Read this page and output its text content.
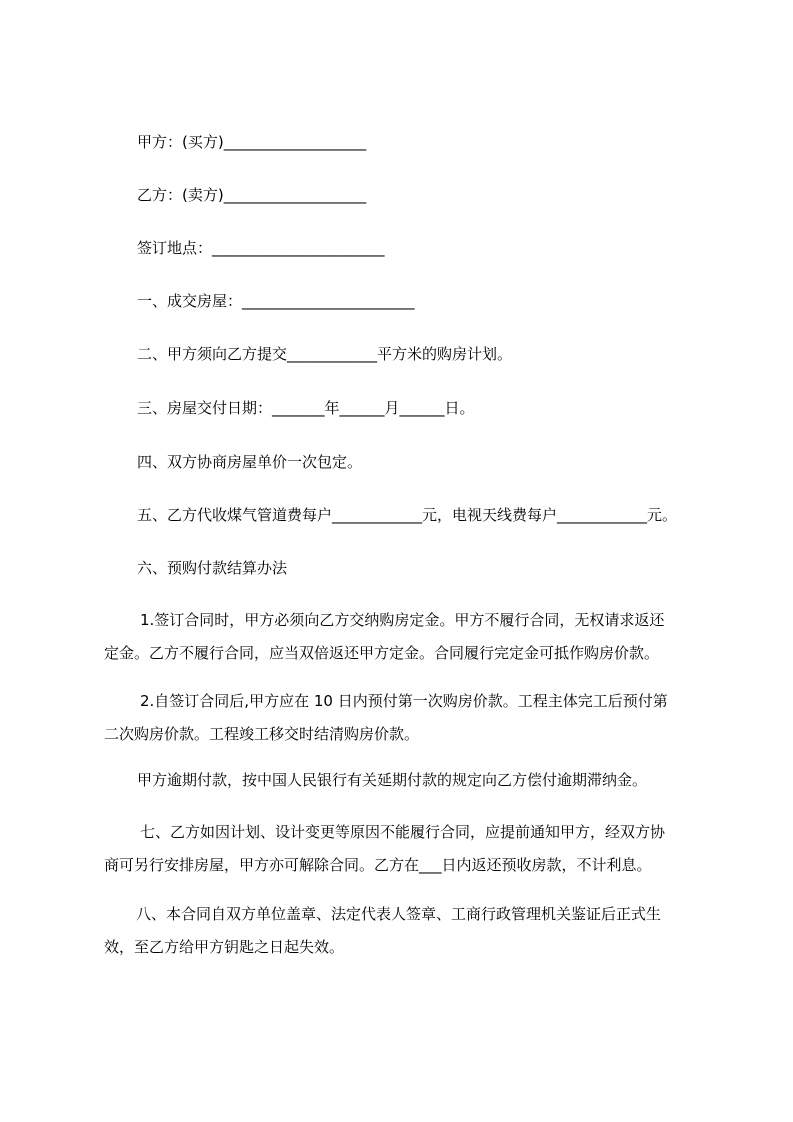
甲方：(买方)___________________
乙方：(卖方)___________________
签订地点：_______________________
一、成交房屋：_______________________
二、甲方须向乙方提交____________平方米的购房计划。
三、房屋交付日期：_______年______月______日。
四、双方协商房屋单价一次包定。
五、乙方代收煤气管道费每户____________元，电视天线费每户____________元。
六、预购付款结算办法
1.签订合同时，甲方必须向乙方交纳购房定金。甲方不履行合同，无权请求返还
定金。乙方不履行合同，应当双倍返还甲方定金。合同履行完定金可抵作购房价款。
2.自签订合同后,甲方应在 10 日内预付第一次购房价款。工程主体完工后预付第
二次购房价款。工程竣工移交时结清购房价款。
甲方逾期付款，按中国人民银行有关延期付款的规定向乙方偿付逾期滞纳金。
七、乙方如因计划、设计变更等原因不能履行合同，应提前通知甲方，经双方协
商可另行安排房屋，甲方亦可解除合同。乙方在___日内返还预收房款，不计利息。
八、本合同自双方单位盖章、法定代表人签章、工商行政管理机关鉴证后正式生
效，至乙方给甲方钥匙之日起失效。
